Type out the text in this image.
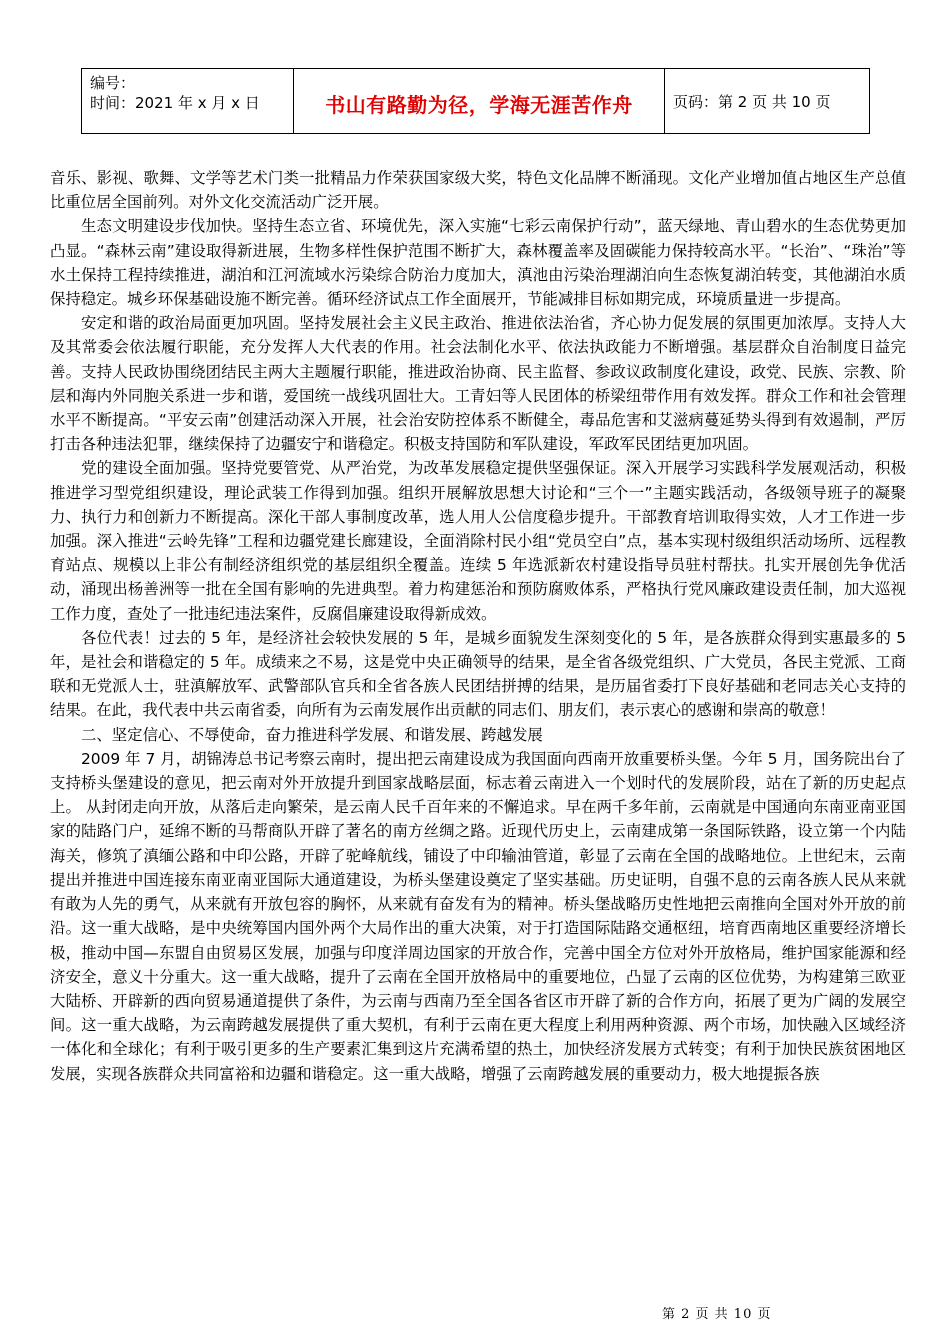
编号：
时间：2021 年 x 月 x 日	书山有路勤为径，学海无涯苦作舟	页码：第 2 页 共 10 页

音乐、影视、歌舞、文学等艺术门类一批精品力作荣获国家级大奖，特色文化品牌不断涌现。文化产业增加值占地区生产总值比重位居全国前列。对外文化交流活动广泛开展。

生态文明建设步伐加快。坚持生态立省、环境优先，深入实施“七彩云南保护行动”，蓝天绿地、青山碧水的生态优势更加凸显。“森林云南”建设取得新进展，生物多样性保护范围不断扩大，森林覆盖率及固碳能力保持较高水平。“长治”、“珠治”等水土保持工程持续推进，湖泊和江河流域水污染综合防治力度加大，滇池由污染治理湖泊向生态恢复湖泊转变，其他湖泊水质保持稳定。城乡环保基础设施不断完善。循环经济试点工作全面展开，节能减排目标如期完成，环境质量进一步提高。

安定和谐的政治局面更加巩固。坚持发展社会主义民主政治、推进依法治省，齐心协力促发展的氛围更加浓厚。支持人大及其常委会依法履行职能，充分发挥人大代表的作用。社会法制化水平、依法执政能力不断增强。基层群众自治制度日益完善。支持人民政协围绕团结民主两大主题履行职能，推进政治协商、民主监督、参政议政制度化建设，政党、民族、宗教、阶层和海内外同胞关系进一步和谐，爱国统一战线巩固壮大。工青妇等人民团体的桥梁纽带作用有效发挥。群众工作和社会管理水平不断提高。“平安云南”创建活动深入开展，社会治安防控体系不断健全，毒品危害和艾滋病蔓延势头得到有效遏制，严厉打击各种违法犯罪，继续保持了边疆安宁和谐稳定。积极支持国防和军队建设，军政军民团结更加巩固。

党的建设全面加强。坚持党要管党、从严治党，为改革发展稳定提供坚强保证。深入开展学习实践科学发展观活动，积极推进学习型党组织建设，理论武装工作得到加强。组织开展解放思想大讨论和“三个一”主题实践活动，各级领导班子的凝聚力、执行力和创新力不断提高。深化干部人事制度改革，选人用人公信度稳步提升。干部教育培训取得实效，人才工作进一步加强。深入推进“云岭先锋”工程和边疆党建长廊建设，全面消除村民小组“党员空白”点，基本实现村级组织活动场所、远程教育站点、规模以上非公有制经济组织党的基层组织全覆盖。连续 5 年选派新农村建设指导员驻村帮扶。扎实开展创先争优活动，涌现出杨善洲等一批在全国有影响的先进典型。着力构建惩治和预防腐败体系，严格执行党风廉政建设责任制，加大巡视工作力度，查处了一批违纪违法案件，反腐倡廉建设取得新成效。

各位代表！过去的 5 年，是经济社会较快发展的 5 年，是城乡面貌发生深刻变化的 5 年，是各族群众得到实惠最多的 5 年，是社会和谐稳定的 5 年。成绩来之不易，这是党中央正确领导的结果，是全省各级党组织、广大党员，各民主党派、工商联和无党派人士，驻滇解放军、武警部队官兵和全省各族人民团结拼搏的结果，是历届省委打下良好基础和老同志关心支持的结果。在此，我代表中共云南省委，向所有为云南发展作出贡献的同志们、朋友们，表示衷心的感谢和崇高的敬意！

二、坚定信心、不辱使命，奋力推进科学发展、和谐发展、跨越发展

2009 年 7 月，胡锦涛总书记考察云南时，提出把云南建设成为我国面向西南开放重要桥头堡。今年 5 月，国务院出台了支持桥头堡建设的意见，把云南对外开放提升到国家战略层面，标志着云南进入一个划时代的发展阶段，站在了新的历史起点上。 从封闭走向开放，从落后走向繁荣，是云南人民千百年来的不懈追求。早在两千多年前，云南就是中国通向东南亚南亚国家的陆路门户，延绵不断的马帮商队开辟了著名的南方丝绸之路。近现代历史上，云南建成第一条国际铁路，设立第一个内陆海关，修筑了滇缅公路和中印公路，开辟了驼峰航线，铺设了中印输油管道，彰显了云南在全国的战略地位。上世纪末，云南提出并推进中国连接东南亚南亚国际大通道建设，为桥头堡建设奠定了坚实基础。历史证明，自强不息的云南各族人民从来就有敢为人先的勇气，从来就有开放包容的胸怀，从来就有奋发有为的精神。桥头堡战略历史性地把云南推向全国对外开放的前沿。这一重大战略，是中央统筹国内国外两个大局作出的重大决策，对于打造国际陆路交通枢纽，培育西南地区重要经济增长极，推动中国—东盟自由贸易区发展，加强与印度洋周边国家的开放合作，完善中国全方位对外开放格局，维护国家能源和经济安全，意义十分重大。这一重大战略，提升了云南在全国开放格局中的重要地位，凸显了云南的区位优势，为构建第三欧亚大陆桥、开辟新的西向贸易通道提供了条件，为云南与西南乃至全国各省区市开辟了新的合作方向，拓展了更为广阔的发展空间。这一重大战略，为云南跨越发展提供了重大契机，有利于云南在更大程度上利用两种资源、两个市场，加快融入区域经济一体化和全球化；有利于吸引更多的生产要素汇集到这片充满希望的热土，加快经济发展方式转变；有利于加快民族贫困地区发展，实现各族群众共同富裕和边疆和谐稳定。这一重大战略，增强了云南跨越发展的重要动力，极大地提振各族

第 2 页 共 10 页
